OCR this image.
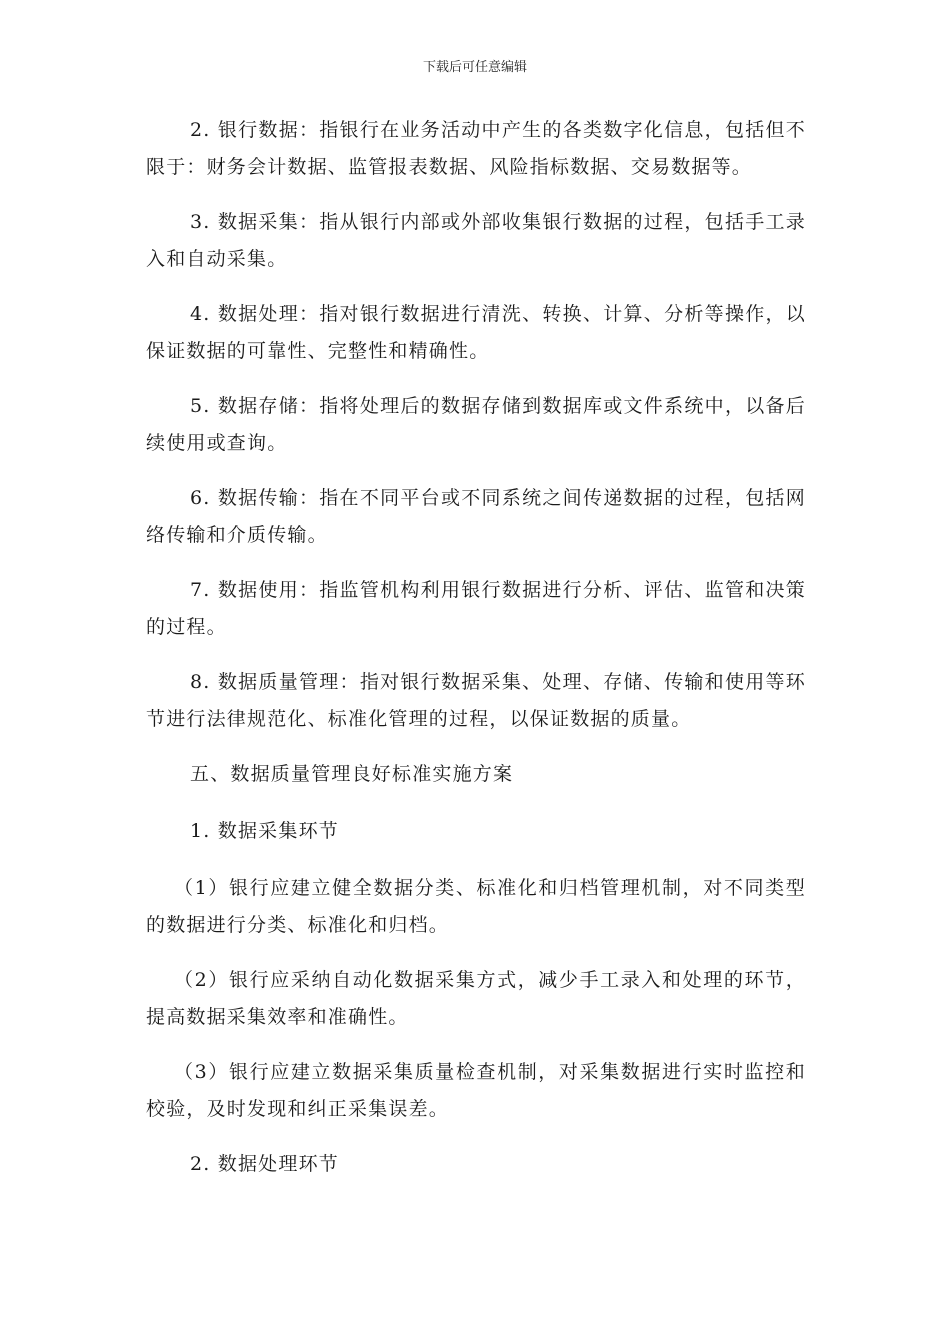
下载后可任意编辑

2. 银行数据：指银行在业务活动中产生的各类数字化信息，包括但不限于：财务会计数据、监管报表数据、风险指标数据、交易数据等。

3. 数据采集：指从银行内部或外部收集银行数据的过程，包括手工录入和自动采集。

4. 数据处理：指对银行数据进行清洗、转换、计算、分析等操作，以保证数据的可靠性、完整性和精确性。

5. 数据存储：指将处理后的数据存储到数据库或文件系统中，以备后续使用或查询。

6. 数据传输：指在不同平台或不同系统之间传递数据的过程，包括网络传输和介质传输。

7. 数据使用：指监管机构利用银行数据进行分析、评估、监管和决策的过程。

8. 数据质量管理：指对银行数据采集、处理、存储、传输和使用等环节进行法律规范化、标准化管理的过程，以保证数据的质量。

五、数据质量管理良好标准实施方案

1. 数据采集环节

（1）银行应建立健全数据分类、标准化和归档管理机制，对不同类型的数据进行分类、标准化和归档。

（2）银行应采纳自动化数据采集方式，减少手工录入和处理的环节，提高数据采集效率和准确性。

（3）银行应建立数据采集质量检查机制，对采集数据进行实时监控和校验，及时发现和纠正采集误差。

2. 数据处理环节
